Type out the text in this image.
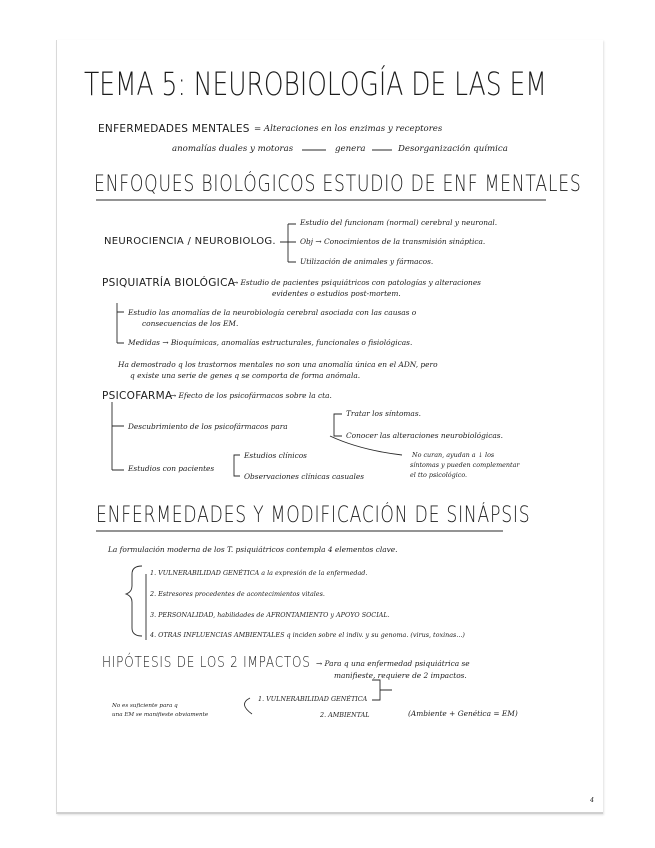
TEMA 5: NEUROBIOLOGÍA DE LAS EM
ENFERMEDADES MENTALES = Alteraciones en los enzimas y receptores
anomalías duales y motoras	genera	Desorganización química
ENFOQUES BIOLÓGICOS ESTUDIO DE ENF MENTALES
NEUROCIENCIA / NEUROBIOLOG.
Estudio del funcionam (normal) cerebral y neuronal.
Obj → Conocimientos de la transmisión sináptica.
Utilización de animales y fármacos.
PSIQUIATRÍA BIOLÓGICA
→ Estudio de pacientes psiquiátricos con patologías y alteraciones
evidentes o estudios post-mortem.
Estudio las anomalías de la neurobiología cerebral asociada con las causas o
consecuencias de los EM.
Medidas → Bioquímicas, anomalías estructurales, funcionales o fisiológicas.
Ha demostrado q los trastornos mentales no son una anomalía única en el ADN, pero
q existe una serie de genes q se comporta de forma anómala.
PSICOFARMA
→ Efecto de los psicofármacos sobre la cta.
Descubrimiento de los psicofármacos para
Tratar los síntomas.
Conocer las alteraciones neurobiológicas.
Estudios con pacientes
Estudios clínicos
Observaciones clínicas casuales
No curan, ayudan a ↓ los
síntomas y pueden complementar
el tto psicológico.
ENFERMEDADES Y MODIFICACIÓN DE SINÁPSIS
La formulación moderna de los T. psiquiátricos contempla 4 elementos clave.
1. VULNERABILIDAD GENÉTICA a la expresión de la enfermedad.
2. Estresores procedentes de acontecimientos vitales.
3. PERSONALIDAD, habilidades de AFRONTAMIENTO y APOYO SOCIAL.
4. OTRAS INFLUENCIAS AMBIENTALES q inciden sobre el indiv. y su genoma. (virus, toxinas...)
HIPÓTESIS DE LOS 2 IMPACTOS → Para q una enfermedad psiquiátrica se
manifieste, requiere de 2 impactos.
1. VULNERABILIDAD GENÉTICA
2. AMBIENTAL
No es suficiente para q
una EM se manifieste obviamente	(Ambiente + Genética = EM)
4
